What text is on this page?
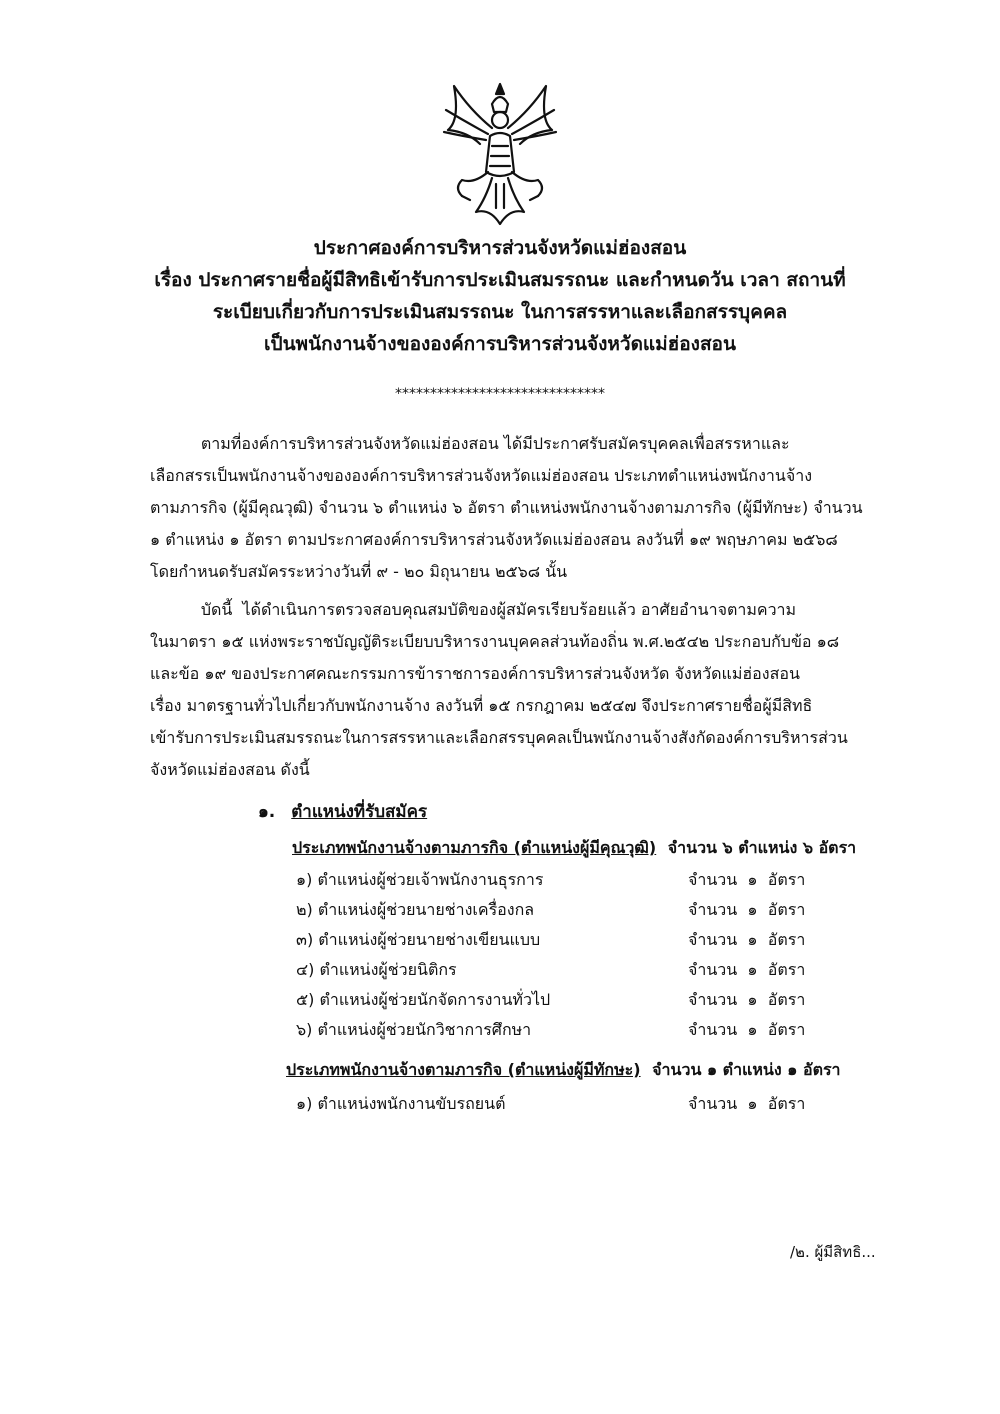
ประกาศองค์การบริหารส่วนจังหวัดแม่ฮ่องสอน
เรื่อง ประกาศรายชื่อผู้มีสิทธิเข้ารับการประเมินสมรรถนะ และกำหนดวัน เวลา สถานที่
ระเบียบเกี่ยวกับการประเมินสมรรถนะ ในการสรรหาและเลือกสรรบุคคล
เป็นพนักงานจ้างขององค์การบริหารส่วนจังหวัดแม่ฮ่องสอน
******************************
ตามที่องค์การบริหารส่วนจังหวัดแม่ฮ่องสอน ได้มีประกาศรับสมัครบุคคลเพื่อสรรหาและ
เลือกสรรเป็นพนักงานจ้างขององค์การบริหารส่วนจังหวัดแม่ฮ่องสอน ประเภทตำแหน่งพนักงานจ้าง
ตามภารกิจ (ผู้มีคุณวุฒิ) จำนวน ๖ ตำแหน่ง ๖ อัตรา ตำแหน่งพนักงานจ้างตามภารกิจ (ผู้มีทักษะ) จำนวน
๑ ตำแหน่ง ๑ อัตรา ตามประกาศองค์การบริหารส่วนจังหวัดแม่ฮ่องสอน ลงวันที่ ๑๙ พฤษภาคม ๒๕๖๘
โดยกำหนดรับสมัครระหว่างวันที่ ๙ - ๒๐ มิถุนายน ๒๕๖๘ นั้น
บัดนี้  ได้ดำเนินการตรวจสอบคุณสมบัติของผู้สมัครเรียบร้อยแล้ว อาศัยอำนาจตามความ
ในมาตรา ๑๕ แห่งพระราชบัญญัติระเบียบบริหารงานบุคคลส่วนท้องถิ่น พ.ศ.๒๕๔๒ ประกอบกับข้อ ๑๘
และข้อ ๑๙ ของประกาศคณะกรรมการข้าราชการองค์การบริหารส่วนจังหวัด จังหวัดแม่ฮ่องสอน
เรื่อง มาตรฐานทั่วไปเกี่ยวกับพนักงานจ้าง ลงวันที่ ๑๕ กรกฎาคม ๒๕๔๗ จึงประกาศรายชื่อผู้มีสิทธิ
เข้ารับการประเมินสมรรถนะในการสรรหาและเลือกสรรบุคคลเป็นพนักงานจ้างสังกัดองค์การบริหารส่วน
จังหวัดแม่ฮ่องสอน ดังนี้
๑. ตำแหน่งที่รับสมัคร
ประเภทพนักงานจ้างตามภารกิจ (ตำแหน่งผู้มีคุณวุฒิ) จำนวน ๖ ตำแหน่ง ๖ อัตรา
๑) ตำแหน่งผู้ช่วยเจ้าพนักงานธุรการ	จำนวน  ๑  อัตรา
๒) ตำแหน่งผู้ช่วยนายช่างเครื่องกล	จำนวน  ๑  อัตรา
๓) ตำแหน่งผู้ช่วยนายช่างเขียนแบบ	จำนวน  ๑  อัตรา
๔) ตำแหน่งผู้ช่วยนิติกร	จำนวน  ๑  อัตรา
๕) ตำแหน่งผู้ช่วยนักจัดการงานทั่วไป	จำนวน  ๑  อัตรา
๖) ตำแหน่งผู้ช่วยนักวิชาการศึกษา	จำนวน  ๑  อัตรา
ประเภทพนักงานจ้างตามภารกิจ (ตำแหน่งผู้มีทักษะ) จำนวน ๑ ตำแหน่ง ๑ อัตรา
๑) ตำแหน่งพนักงานขับรถยนต์	จำนวน  ๑  อัตรา
/๒. ผู้มีสิทธิ...
